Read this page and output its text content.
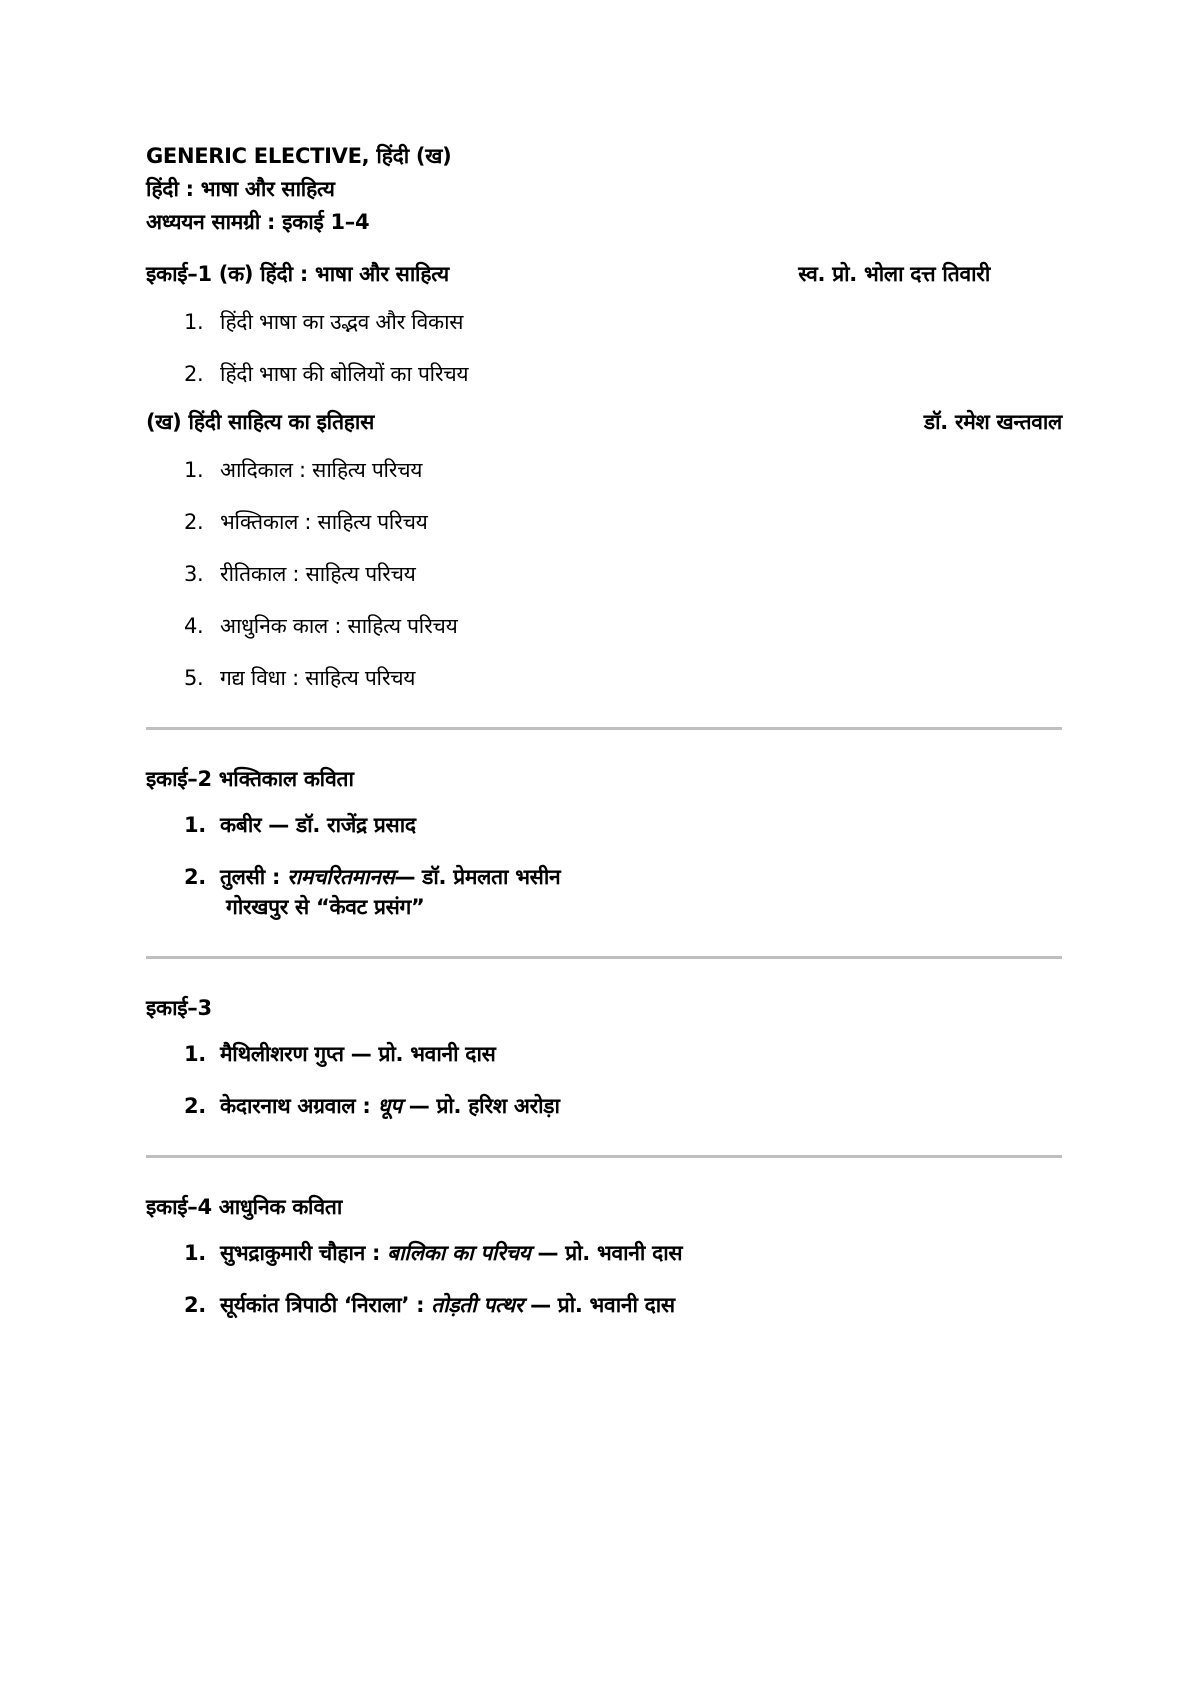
GENERIC ELECTIVE, हिंदी (ख)
हिंदी : भाषा और साहित्य
अध्ययन सामग्री : इकाई 1–4
इकाई–1 (क) हिंदी : भाषा और साहित्य	स्व. प्रो. भोला दत्त तिवारी
1. हिंदी भाषा का उद्भव और विकास
2. हिंदी भाषा की बोलियों का परिचय
(ख) हिंदी साहित्य का इतिहास	डॉ. रमेश खन्तवाल
1. आदिकाल : साहित्य परिचय
2. भक्तिकाल : साहित्य परिचय
3. रीतिकाल : साहित्य परिचय
4. आधुनिक काल : साहित्य परिचय
5. गद्य विधा : साहित्य परिचय
इकाई–2 भक्तिकाल कविता
1. कबीर — डॉ. राजेंद्र प्रसाद
2. तुलसी : रामचरितमानस— डॉ. प्रेमलता भसीन
गोरखपुर से “केवट प्रसंग”
इकाई–3
1. मैथिलीशरण गुप्त — प्रो. भवानी दास
2. केदारनाथ अग्रवाल : धूप — प्रो. हरिश अरोड़ा
इकाई–4 आधुनिक कविता
1. सुभद्राकुमारी चौहान : बालिका का परिचय — प्रो. भवानी दास
2. सूर्यकांत त्रिपाठी ‘निराला’ : तोड़ती पत्थर — प्रो. भवानी दास
